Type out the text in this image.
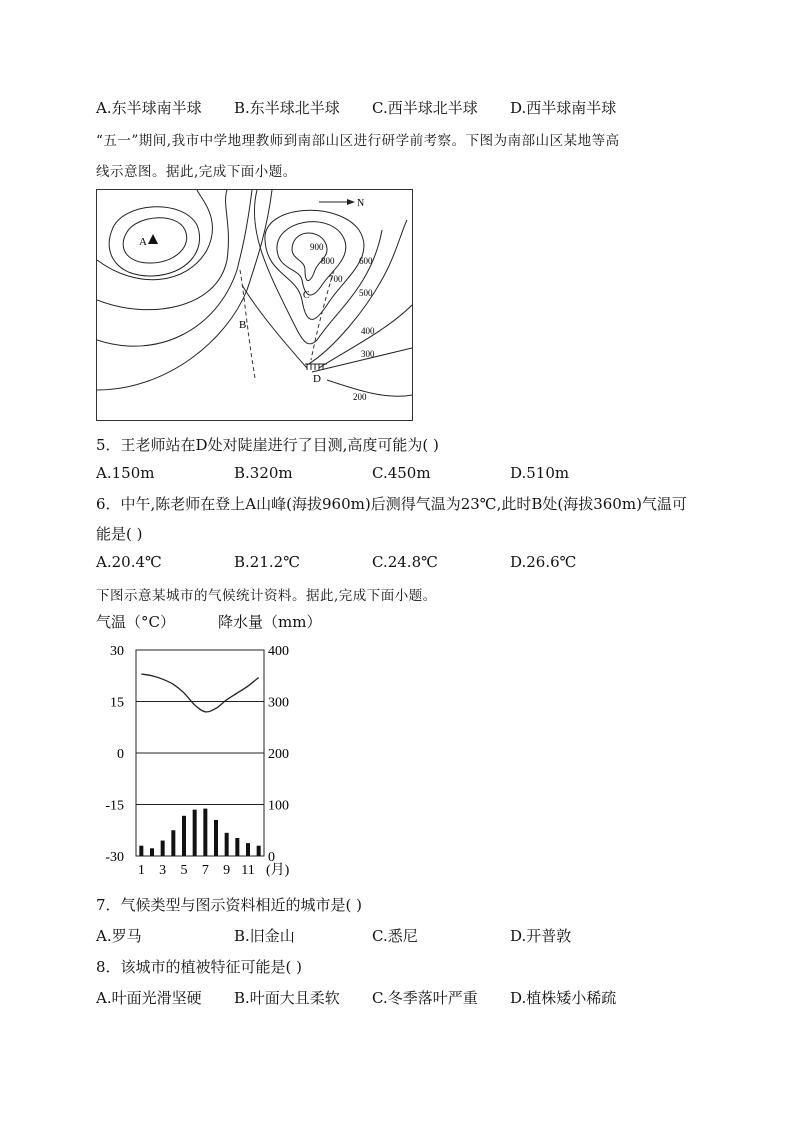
A.东半球南半球 B.东半球北半球 C.西半球北半球 D.西半球南半球
“五一”期间,我市中学地理教师到南部山区进行研学前考察。下图为南部山区某地等高
线示意图。据此,完成下面小题。
N
A
B
C
D
900
800
700
600
500
400
300
200
5．王老师站在D处对陡崖进行了目测,高度可能为( )
A.150m	B.320m	C.450m	D.510m
6．中午,陈老师在登上A山峰(海拔960m)后测得气温为23℃,此时B处(海拔360m)气温可
能是( )
A.20.4℃	B.21.2℃	C.24.8℃	D.26.6℃
下图示意某城市的气候统计资料。据此,完成下面小题。
气温（°C）	降水量（mm）
30
15
0
-15
-30
400
300
200
100
0
1 3 5 7 9 11 (月)
7．气候类型与图示资料相近的城市是( )
A.罗马	B.旧金山	C.悉尼	D.开普敦
8．该城市的植被特征可能是( )
A.叶面光滑坚硬 B.叶面大且柔软 C.冬季落叶严重 D.植株矮小稀疏
